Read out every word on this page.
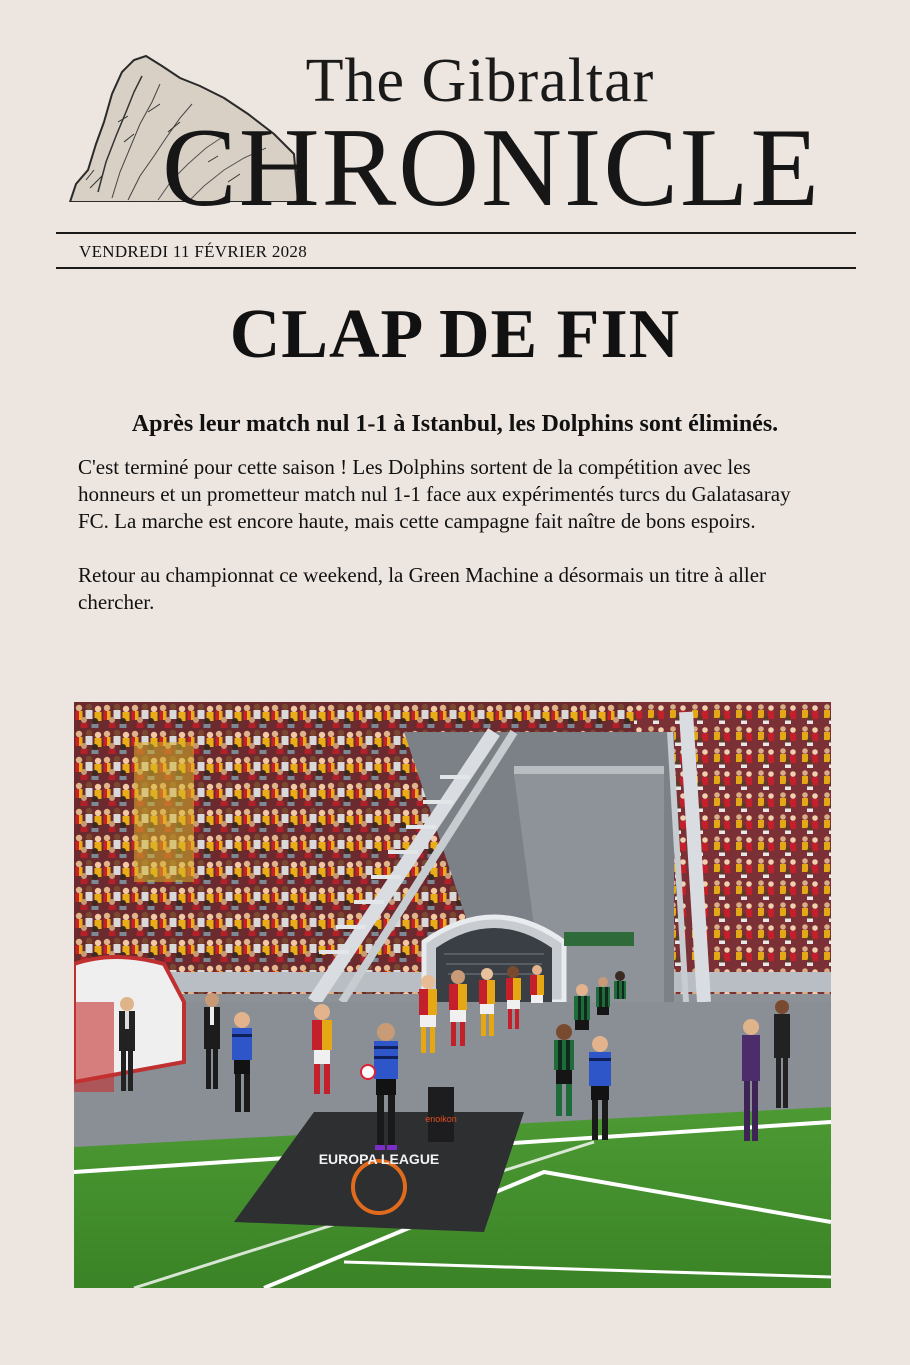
The Gibraltar
CHRONICLE
VENDREDI 11 FÉVRIER 2028
CLAP DE FIN
Après leur match nul 1-1 à Istanbul, les Dolphins sont éliminés.

C'est terminé pour cette saison ! Les Dolphins sortent de la compétition avec les honneurs et un prometteur match nul 1-1 face aux expérimentés turcs du Galatasaray FC. La marche est encore haute, mais cette campagne fait naître de bons espoirs.

Retour au championnat ce weekend, la Green Machine a désormais un titre à aller chercher.

EUROPA LEAGUE
enoikon
